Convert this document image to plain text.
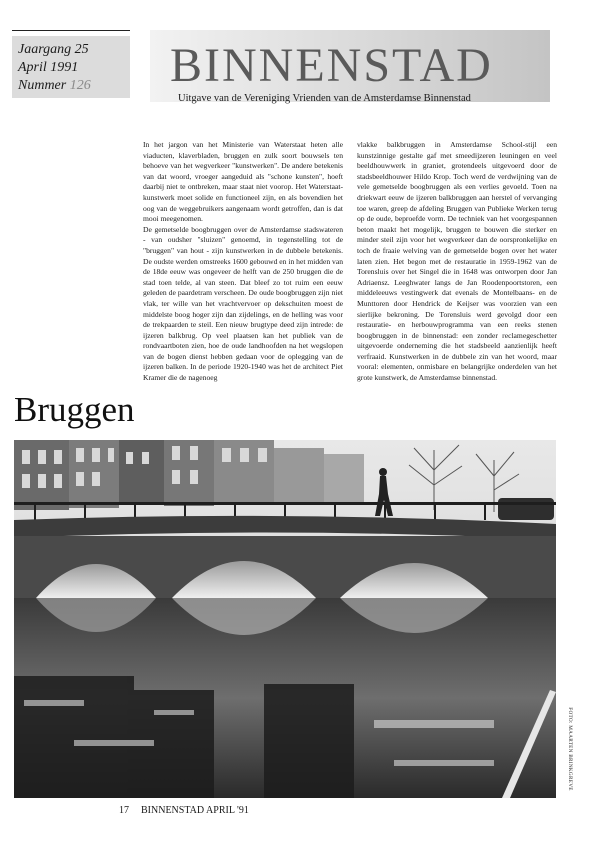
Jaargang 25
April 1991
Nummer 126 BINNENSTAD
Uitgave van de Vereniging Vrienden van de Amsterdamse Binnenstad
Bruggen

In het jargon van het Ministerie van Waterstaat heten alle viaducten, klaverbladen, bruggen en zulk soort bouwsels ten behoeve van het wegverkeer "kunstwerken". De andere betekenis van dat woord, vroeger aangeduid als "schone kunsten", hoeft daarbij niet te ontbreken, maar staat niet voorop. Het Waterstaat-kunstwerk moet solide en functioneel zijn, en als bovendien het oog van de weggebruikers aangenaam wordt getroffen, dan is dat mooi meegenomen.

De gemetselde boogbruggen over de Amsterdamse stadswateren - van oudsher "sluizen" genoemd, in tegenstelling tot de "bruggen" van hout - zijn kunstwerken in de dubbele betekenis. De oudste werden omstreeks 1600 gebouwd en in het midden van de 18de eeuw was ongeveer de helft van de 250 bruggen die de stad toen telde, al van steen. Dat bleef zo tot ruim een eeuw geleden de paardetram verscheen. De oude boogbruggen zijn niet vlak, ter wille van het vrachtvervoer op dekschuiten moest de middelste boog hoger zijn dan zijdelings, en de helling was voor de trekpaarden te steil. Een nieuw brugtype deed zijn intrede: de ijzeren balkbrug. Op veel plaatsen kan het publiek van de rondvaartboten zien, hoe de oude landhoofden na het wegslopen van de bogen dienst hebben gedaan voor de oplegging van de ijzeren balken. In de periode 1920-1940 was het de architect Piet Kramer die de nagenoeg

vlakke balkbruggen in Amsterdamse School-stijl een kunstzinnige gestalte gaf met smeedijzeren leuningen en veel beeldhouwwerk in graniet, grotendeels uitgevoerd door de stadsbeeldhouwer Hildo Krop. Toch werd de verdwijning van de vele gemetselde boogbruggen als een verlies gevoeld. Toen na driekwart eeuw de ijzeren balkbruggen aan herstel of vervanging toe waren, greep de afdeling Bruggen van Publieke Werken terug op de oude, beproefde vorm. De techniek van het voorgespannen beton maakt het mogelijk, bruggen te bouwen die sterker en minder steil zijn voor het wegverkeer dan de oorspronkelijke en toch de fraaie welving van de gemetselde bogen over het water laten zien. Het begon met de restauratie in 1959-1962 van de Torensluis over het Singel die in 1648 was ontworpen door Jan Adriaensz. Leeghwater langs de Jan Roodenpoortstoren, een middeleeuws vestingwerk dat evenals de Montelbaans- en de Munttoren door Hendrick de Keijser was voorzien van een sierlijke bekroning. De Torensluis werd gevolgd door een restauratie- en herbouwprogramma van een reeks stenen boogbruggen in de binnenstad: een zonder reclamegeschetter uitgevoerde onderneming die het stadsbeeld aanzienlijk heeft verfraaid. Kunstwerken in de dubbele zin van het woord, maar vooral: elementen, onmisbare en belangrijke onderdelen van het grote kunstwerk, de Amsterdamse binnenstad.

FOTO: MAARTEN BRINKGREVE
17 BINNENSTAD APRIL '91
